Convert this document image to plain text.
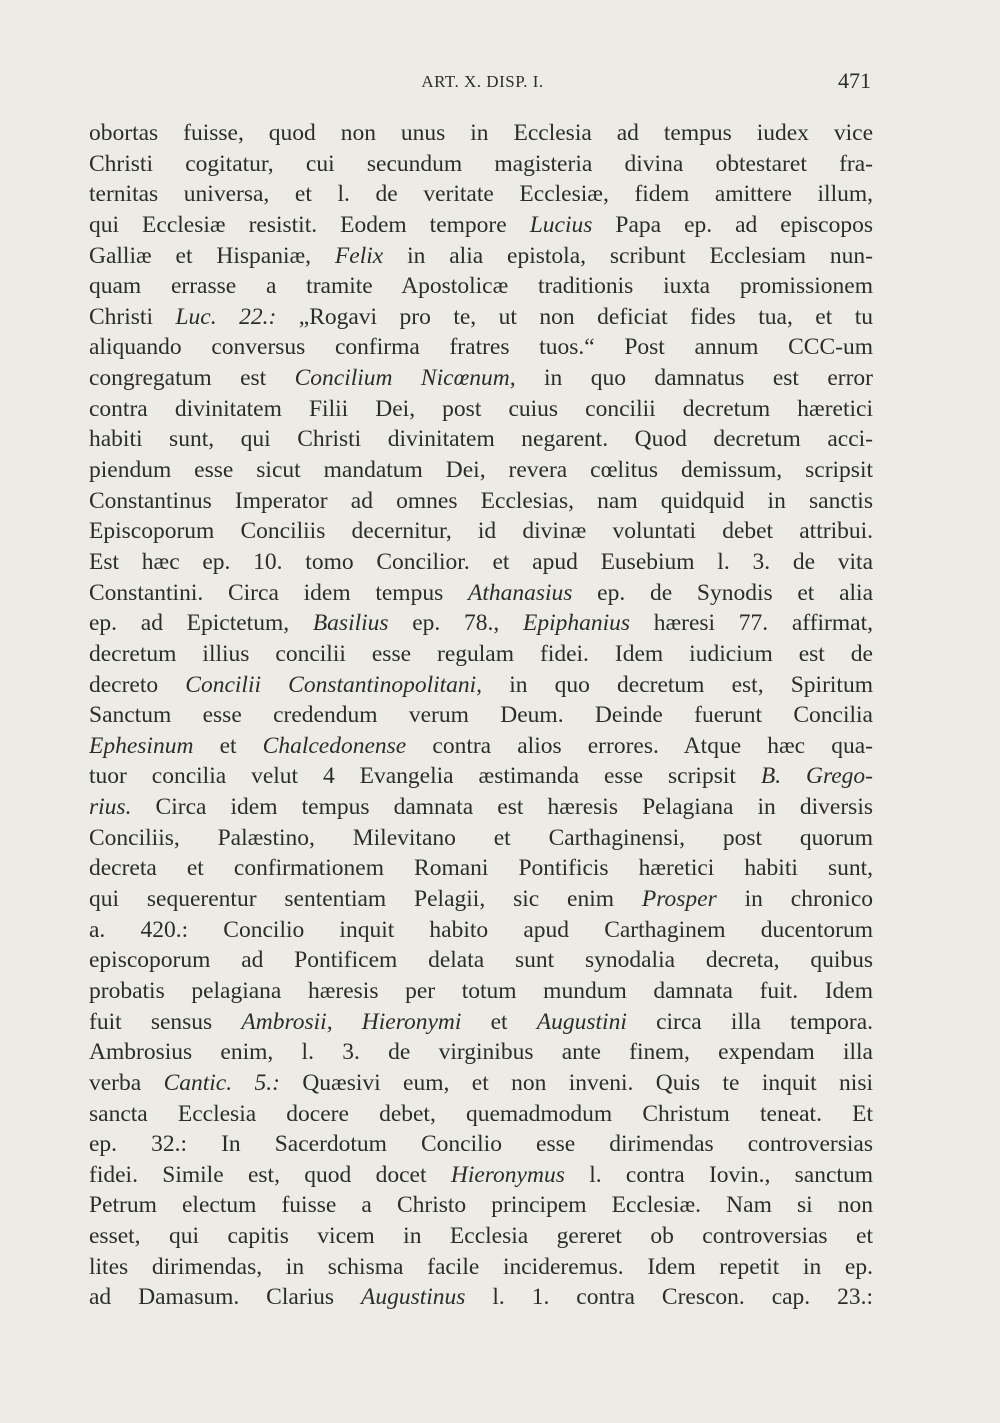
ART. X. DISP. I.	471
obortas fuisse, quod non unus in Ecclesia ad tempus iudex vice
Christi cogitatur, cui secundum magisteria divina obtestaret fra-
ternitas universa, et l. de veritate Ecclesiæ, fidem amittere illum,
qui Ecclesiæ resistit. Eodem tempore Lucius Papa ep. ad episcopos
Galliæ et Hispaniæ, Felix in alia epistola, scribunt Ecclesiam nun-
quam errasse a tramite Apostolicæ traditionis iuxta promissionem
Christi Luc. 22.: „Rogavi pro te, ut non deficiat fides tua, et tu
aliquando conversus confirma fratres tuos.“ Post annum CCC-um
congregatum est Concilium Nicœnum, in quo damnatus est error
contra divinitatem Filii Dei, post cuius concilii decretum hæretici
habiti sunt, qui Christi divinitatem negarent. Quod decretum acci-
piendum esse sicut mandatum Dei, revera cœlitus demissum, scripsit
Constantinus Imperator ad omnes Ecclesias, nam quidquid in sanctis
Episcoporum Conciliis decernitur, id divinæ voluntati debet attribui.
Est hæc ep. 10. tomo Concilior. et apud Eusebium l. 3. de vita
Constantini. Circa idem tempus Athanasius ep. de Synodis et alia
ep. ad Epictetum, Basilius ep. 78., Epiphanius hæresi 77. affirmat,
decretum illius concilii esse regulam fidei. Idem iudicium est de
decreto Concilii Constantinopolitani, in quo decretum est, Spiritum
Sanctum esse credendum verum Deum. Deinde fuerunt Concilia
Ephesinum et Chalcedonense contra alios errores. Atque hæc qua-
tuor concilia velut 4 Evangelia æstimanda esse scripsit B. Grego-
rius. Circa idem tempus damnata est hæresis Pelagiana in diversis
Conciliis, Palæstino, Milevitano et Carthaginensi, post quorum
decreta et confirmationem Romani Pontificis hæretici habiti sunt,
qui sequerentur sententiam Pelagii, sic enim Prosper in chronico
a. 420.: Concilio inquit habito apud Carthaginem ducentorum
episcoporum ad Pontificem delata sunt synodalia decreta, quibus
probatis pelagiana hæresis per totum mundum damnata fuit. Idem
fuit sensus Ambrosii, Hieronymi et Augustini circa illa tempora.
Ambrosius enim, l. 3. de virginibus ante finem, expendam illa
verba Cantic. 5.: Quæsivi eum, et non inveni. Quis te inquit nisi
sancta Ecclesia docere debet, quemadmodum Christum teneat. Et
ep. 32.: In Sacerdotum Concilio esse dirimendas controversias
fidei. Simile est, quod docet Hieronymus l. contra Iovin., sanctum
Petrum electum fuisse a Christo principem Ecclesiæ. Nam si non
esset, qui capitis vicem in Ecclesia gereret ob controversias et
lites dirimendas, in schisma facile incideremus. Idem repetit in ep.
ad Damasum. Clarius Augustinus l. 1. contra Crescon. cap. 23.:
